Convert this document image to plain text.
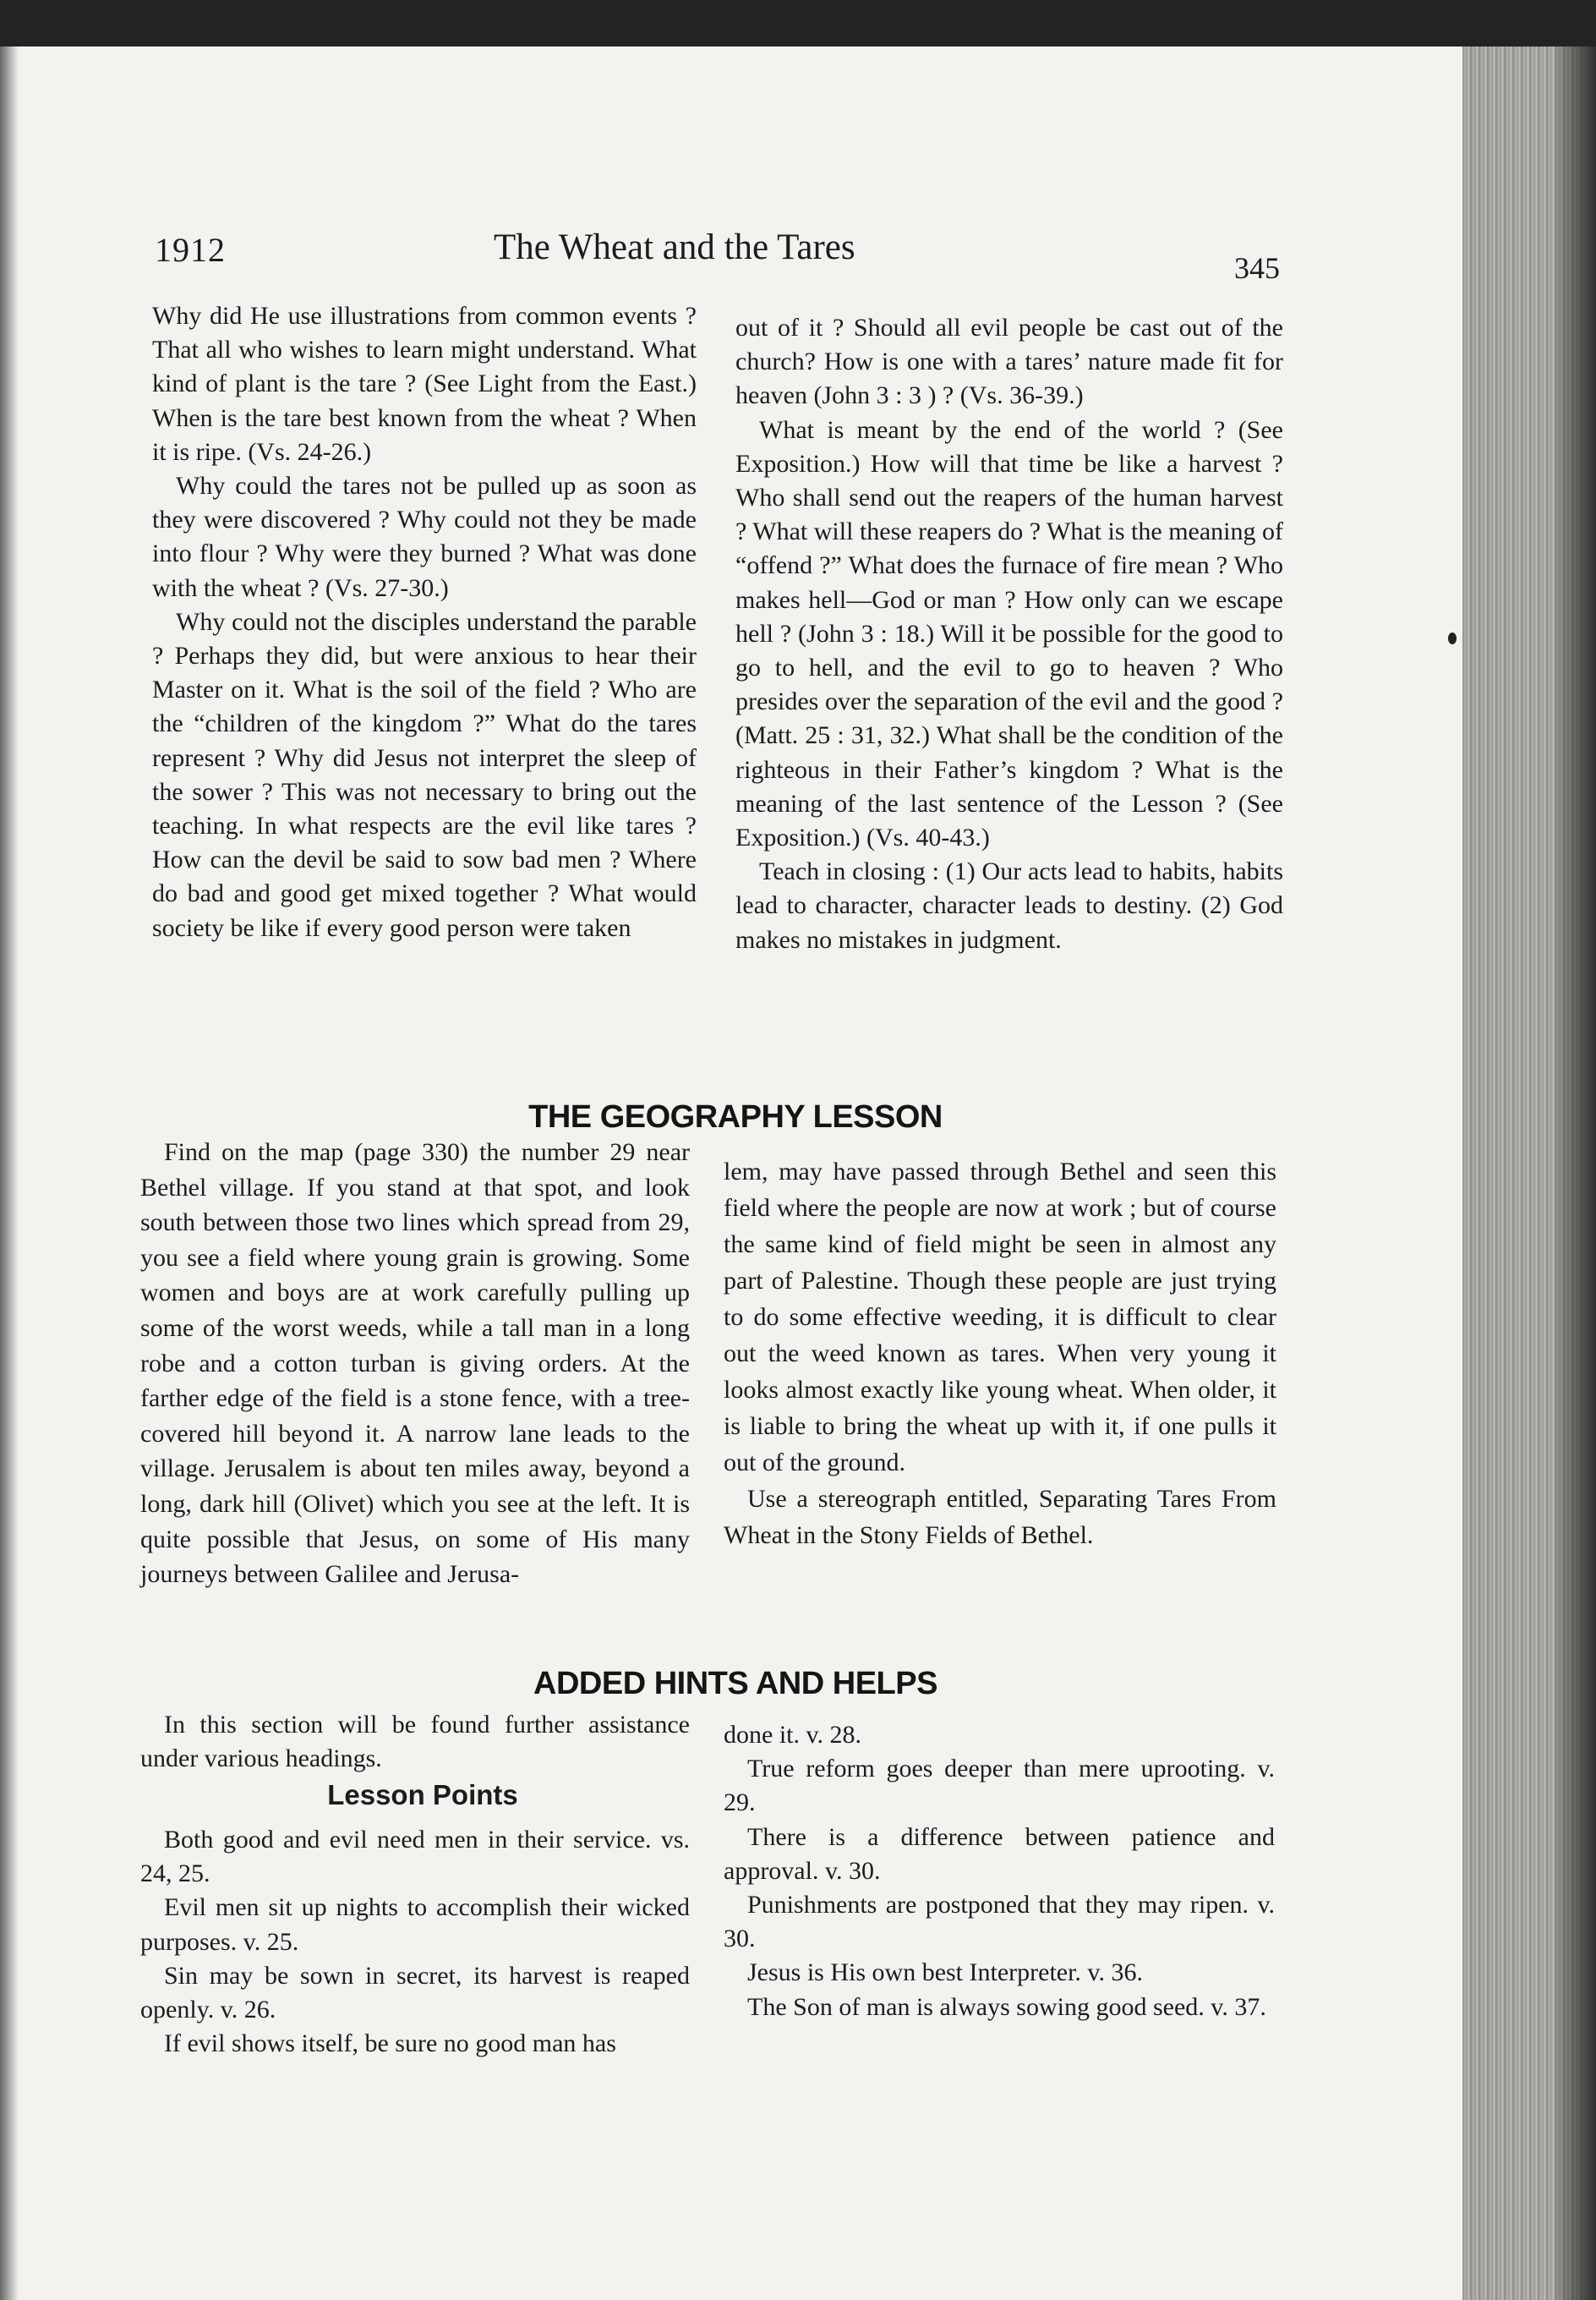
1912	The Wheat and the Tares
345

Why did He use illustrations from common events ? That all who wishes to learn might understand. What kind of plant is the tare ? (See Light from the East.) When is the tare best known from the wheat ? When it is ripe. (Vs. 24-26.)

Why could the tares not be pulled up as soon as they were discovered ? Why could not they be made into flour ? Why were they burned ? What was done with the wheat ? (Vs. 27-30.)

Why could not the disciples understand the parable ? Perhaps they did, but were anxious to hear their Master on it. What is the soil of the field ? Who are the “children of the kingdom ?” What do the tares represent ? Why did Jesus not interpret the sleep of the sower ? This was not necessary to bring out the teaching. In what respects are the evil like tares ? How can the devil be said to sow bad men ? Where do bad and good get mixed together ? What would society be like if every good person were taken

out of it ? Should all evil people be cast out of the church? How is one with a tares’ nature made fit for heaven (John 3 : 3 ) ? (Vs. 36-39.)

What is meant by the end of the world ? (See Exposition.) How will that time be like a harvest ? Who shall send out the reapers of the human harvest ? What will these reapers do ? What is the meaning of “offend ?” What does the furnace of fire mean ? Who makes hell—God or man ? How only can we escape hell ? (John 3 : 18.) Will it be possible for the good to go to hell, and the evil to go to heaven ? Who presides over the separation of the evil and the good ? (Matt. 25 : 31, 32.) What shall be the condition of the righteous in their Father’s kingdom ? What is the meaning of the last sentence of the Lesson ? (See Exposition.) (Vs. 40-43.)

Teach in closing : (1) Our acts lead to habits, habits lead to character, character leads to destiny. (2) God makes no mistakes in judgment.

THE GEOGRAPHY LESSON

Find on the map (page 330) the number 29 near Bethel village. If you stand at that spot, and look south between those two lines which spread from 29, you see a field where young grain is growing. Some women and boys are at work carefully pulling up some of the worst weeds, while a tall man in a long robe and a cotton turban is giving orders. At the farther edge of the field is a stone fence, with a tree-covered hill beyond it. A narrow lane leads to the village. Jerusalem is about ten miles away, beyond a long, dark hill (Olivet) which you see at the left. It is quite possible that Jesus, on some of His many journeys between Galilee and Jerusa-

lem, may have passed through Bethel and seen this field where the people are now at work ; but of course the same kind of field might be seen in almost any part of Palestine. Though these people are just trying to do some effective weeding, it is difficult to clear out the weed known as tares. When very young it looks almost exactly like young wheat. When older, it is liable to bring the wheat up with it, if one pulls it out of the ground.

Use a stereograph entitled, Separating Tares From Wheat in the Stony Fields of Bethel.

ADDED HINTS AND HELPS

In this section will be found further assistance under various headings.

Lesson Points

Both good and evil need men in their service. vs. 24, 25.

Evil men sit up nights to accomplish their wicked purposes. v. 25.

Sin may be sown in secret, its harvest is reaped openly. v. 26.

If evil shows itself, be sure no good man has

done it. v. 28.

True reform goes deeper than mere uprooting. v. 29.

There is a difference between patience and approval. v. 30.

Punishments are postponed that they may ripen. v. 30.

Jesus is His own best Interpreter. v. 36.

The Son of man is always sowing good seed. v. 37.
